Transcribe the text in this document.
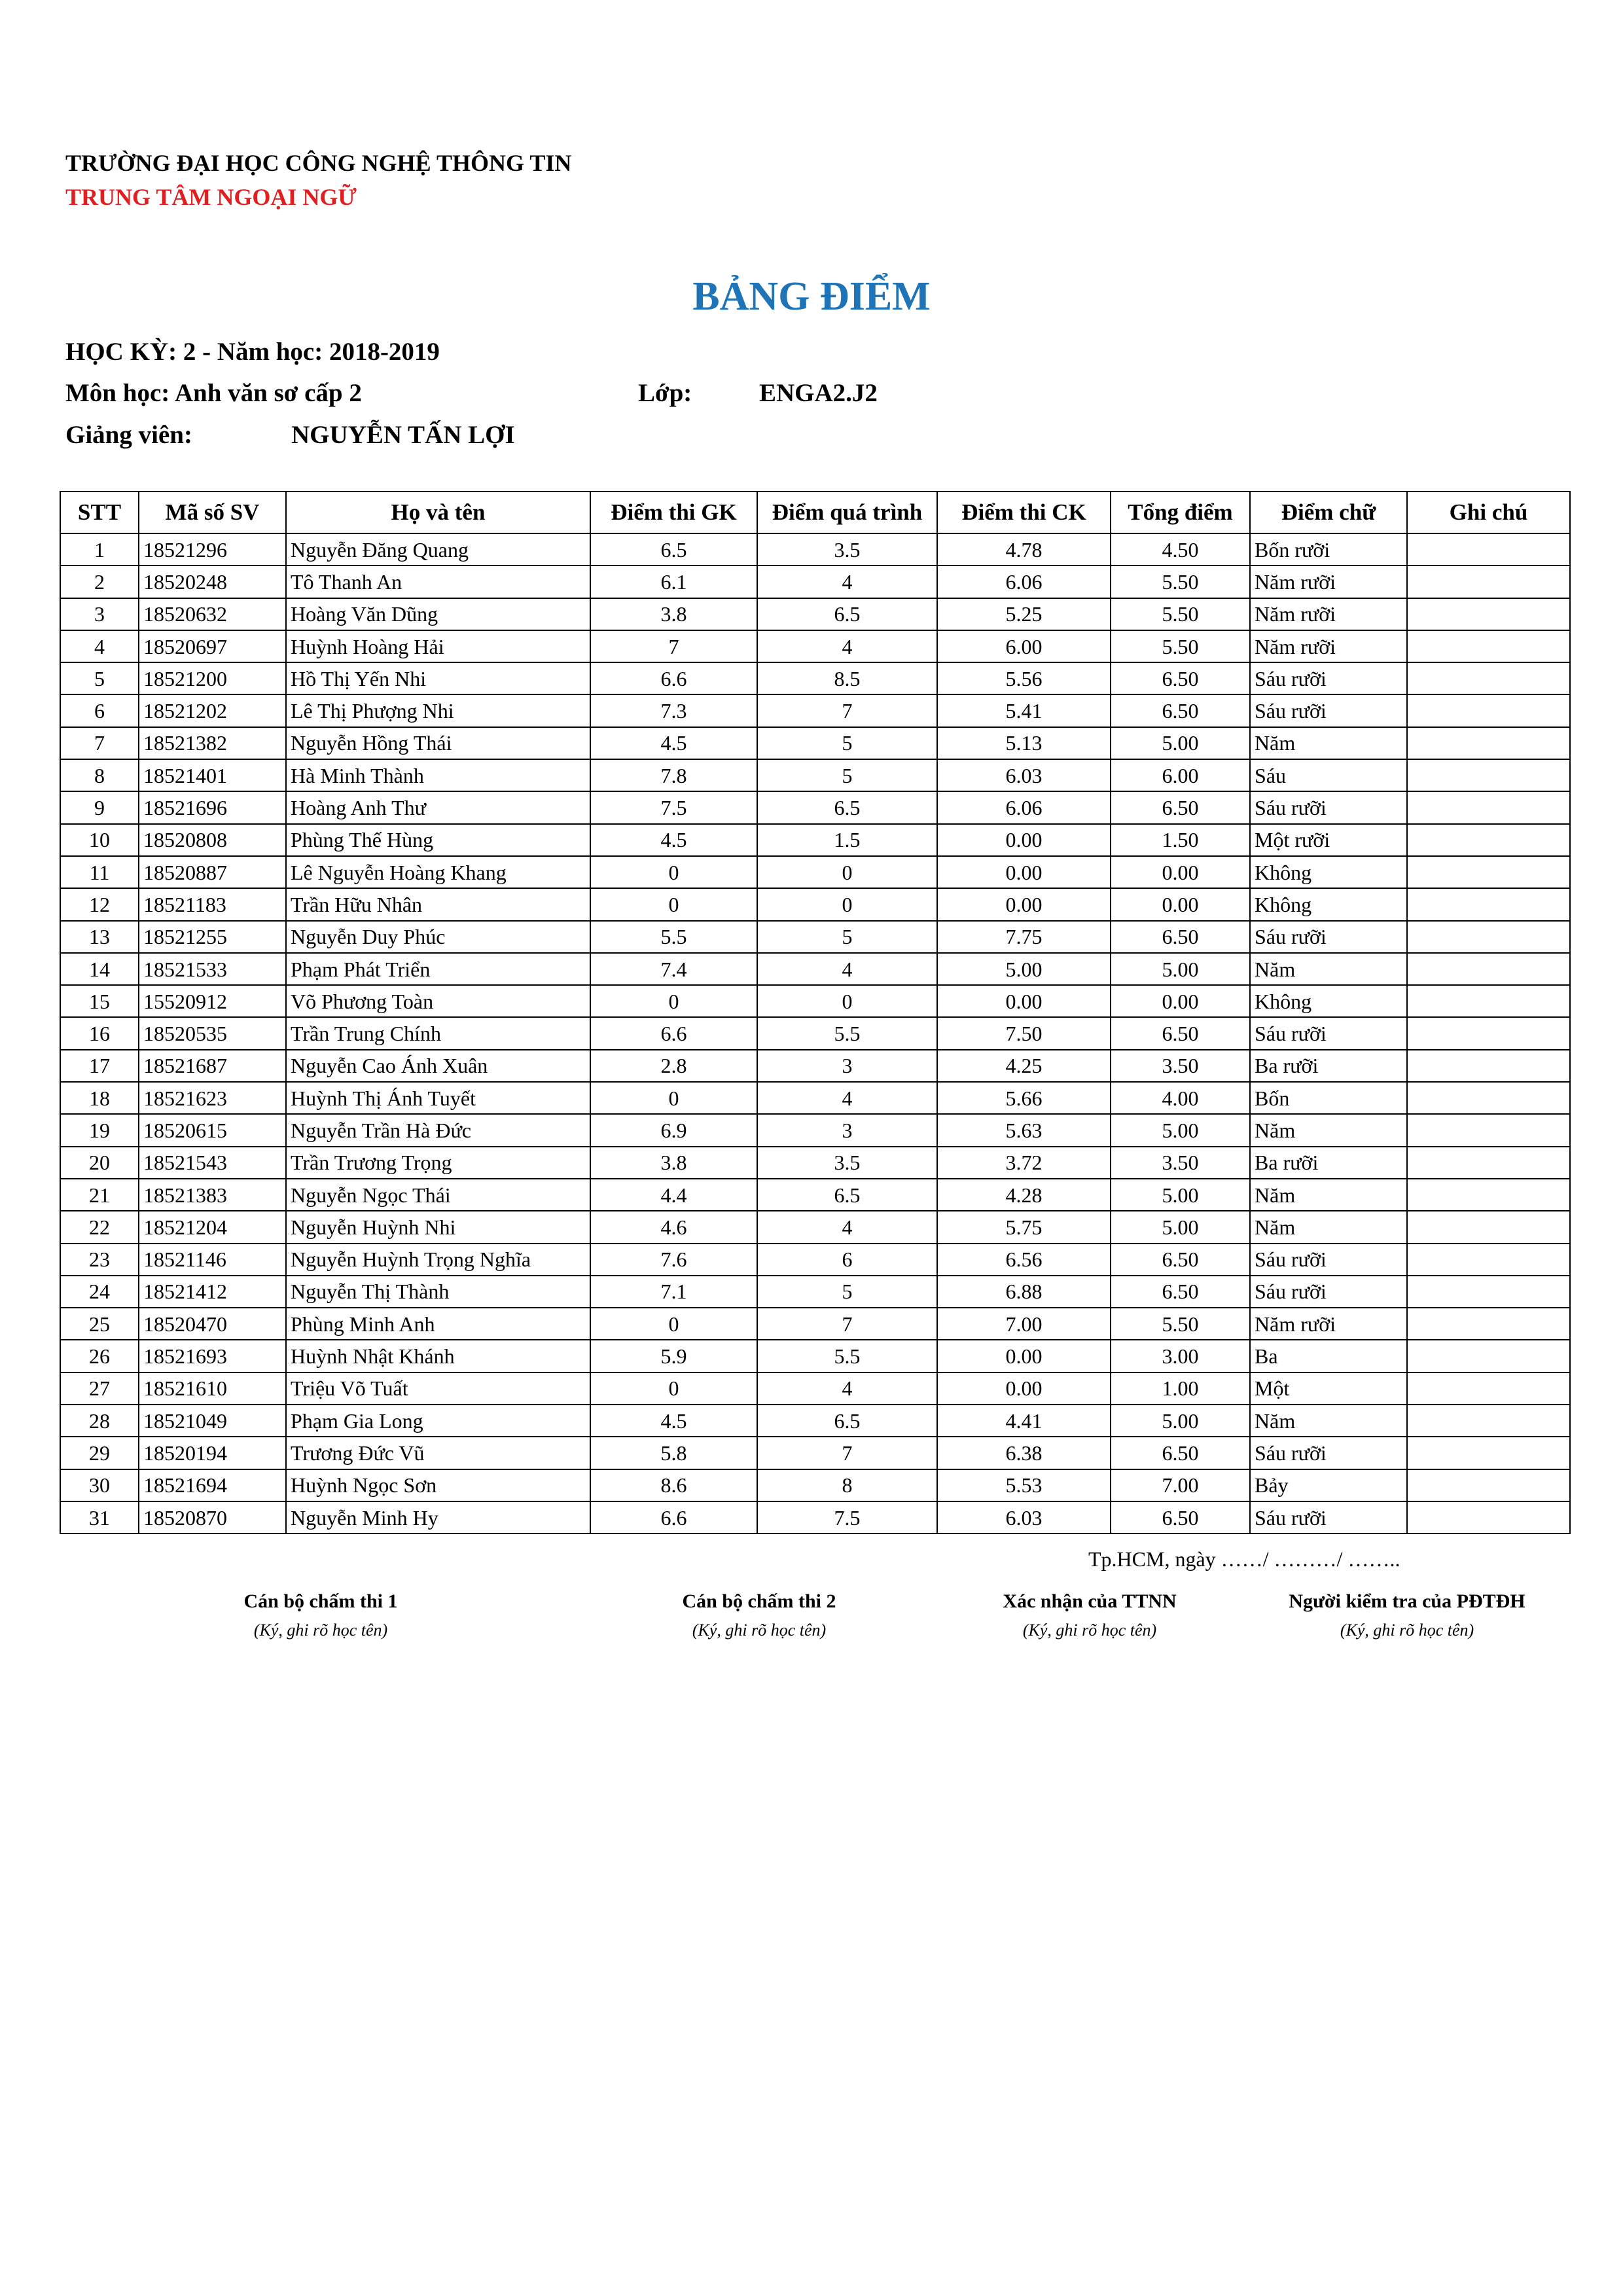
TRƯỜNG ĐẠI HỌC CÔNG NGHỆ THÔNG TIN
TRUNG TÂM NGOẠI NGỮ
BẢNG ĐIỂM
HỌC KỲ: 2 - Năm học: 2018-2019
Môn học: Anh văn sơ cấp 2	Lớp:	ENGA2.J2
Giảng viên:	NGUYỄN TẤN LỢI
STT	Mã số SV	Họ và tên	Điểm thi GK	Điểm quá trình	Điểm thi CK	Tổng điểm	Điểm chữ	Ghi chú
1	18521296	Nguyễn Đăng Quang	6.5	3.5	4.78	4.50	Bốn rưỡi	
2	18520248	Tô Thanh An	6.1	4	6.06	5.50	Năm rưỡi	
3	18520632	Hoàng Văn Dũng	3.8	6.5	5.25	5.50	Năm rưỡi	
4	18520697	Huỳnh Hoàng Hải	7	4	6.00	5.50	Năm rưỡi	
5	18521200	Hồ Thị Yến Nhi	6.6	8.5	5.56	6.50	Sáu rưỡi	
6	18521202	Lê Thị Phượng Nhi	7.3	7	5.41	6.50	Sáu rưỡi	
7	18521382	Nguyễn Hồng Thái	4.5	5	5.13	5.00	Năm	
8	18521401	Hà Minh Thành	7.8	5	6.03	6.00	Sáu	
9	18521696	Hoàng Anh Thư	7.5	6.5	6.06	6.50	Sáu rưỡi	
10	18520808	Phùng Thế Hùng	4.5	1.5	0.00	1.50	Một rưỡi	
11	18520887	Lê Nguyễn Hoàng Khang	0	0	0.00	0.00	Không	
12	18521183	Trần Hữu Nhân	0	0	0.00	0.00	Không	
13	18521255	Nguyễn Duy Phúc	5.5	5	7.75	6.50	Sáu rưỡi	
14	18521533	Phạm Phát Triển	7.4	4	5.00	5.00	Năm	
15	15520912	Võ Phương Toàn	0	0	0.00	0.00	Không	
16	18520535	Trần Trung Chính	6.6	5.5	7.50	6.50	Sáu rưỡi	
17	18521687	Nguyễn Cao Ánh Xuân	2.8	3	4.25	3.50	Ba rưỡi	
18	18521623	Huỳnh Thị Ánh Tuyết	0	4	5.66	4.00	Bốn	
19	18520615	Nguyễn Trần Hà Đức	6.9	3	5.63	5.00	Năm	
20	18521543	Trần Trương Trọng	3.8	3.5	3.72	3.50	Ba rưỡi	
21	18521383	Nguyễn Ngọc Thái	4.4	6.5	4.28	5.00	Năm	
22	18521204	Nguyễn Huỳnh Nhi	4.6	4	5.75	5.00	Năm	
23	18521146	Nguyễn Huỳnh Trọng Nghĩa	7.6	6	6.56	6.50	Sáu rưỡi	
24	18521412	Nguyễn Thị Thành	7.1	5	6.88	6.50	Sáu rưỡi	
25	18520470	Phùng Minh Anh	0	7	7.00	5.50	Năm rưỡi	
26	18521693	Huỳnh Nhật Khánh	5.9	5.5	0.00	3.00	Ba	
27	18521610	Triệu Võ Tuất	0	4	0.00	1.00	Một	
28	18521049	Phạm Gia Long	4.5	6.5	4.41	5.00	Năm	
29	18520194	Trương Đức Vũ	5.8	7	6.38	6.50	Sáu rưỡi	
30	18521694	Huỳnh Ngọc Sơn	8.6	8	5.53	7.00	Bảy	
31	18520870	Nguyễn Minh Hy	6.6	7.5	6.03	6.50	Sáu rưỡi	
Tp.HCM, ngày ……/ ………/ ……..
Cán bộ chấm thi 1	Cán bộ chấm thi 2	Xác nhận của TTNN	Người kiểm tra của PĐTĐH
(Ký, ghi rõ học tên)	(Ký, ghi rõ học tên)	(Ký, ghi rõ học tên)	(Ký, ghi rõ học tên)
